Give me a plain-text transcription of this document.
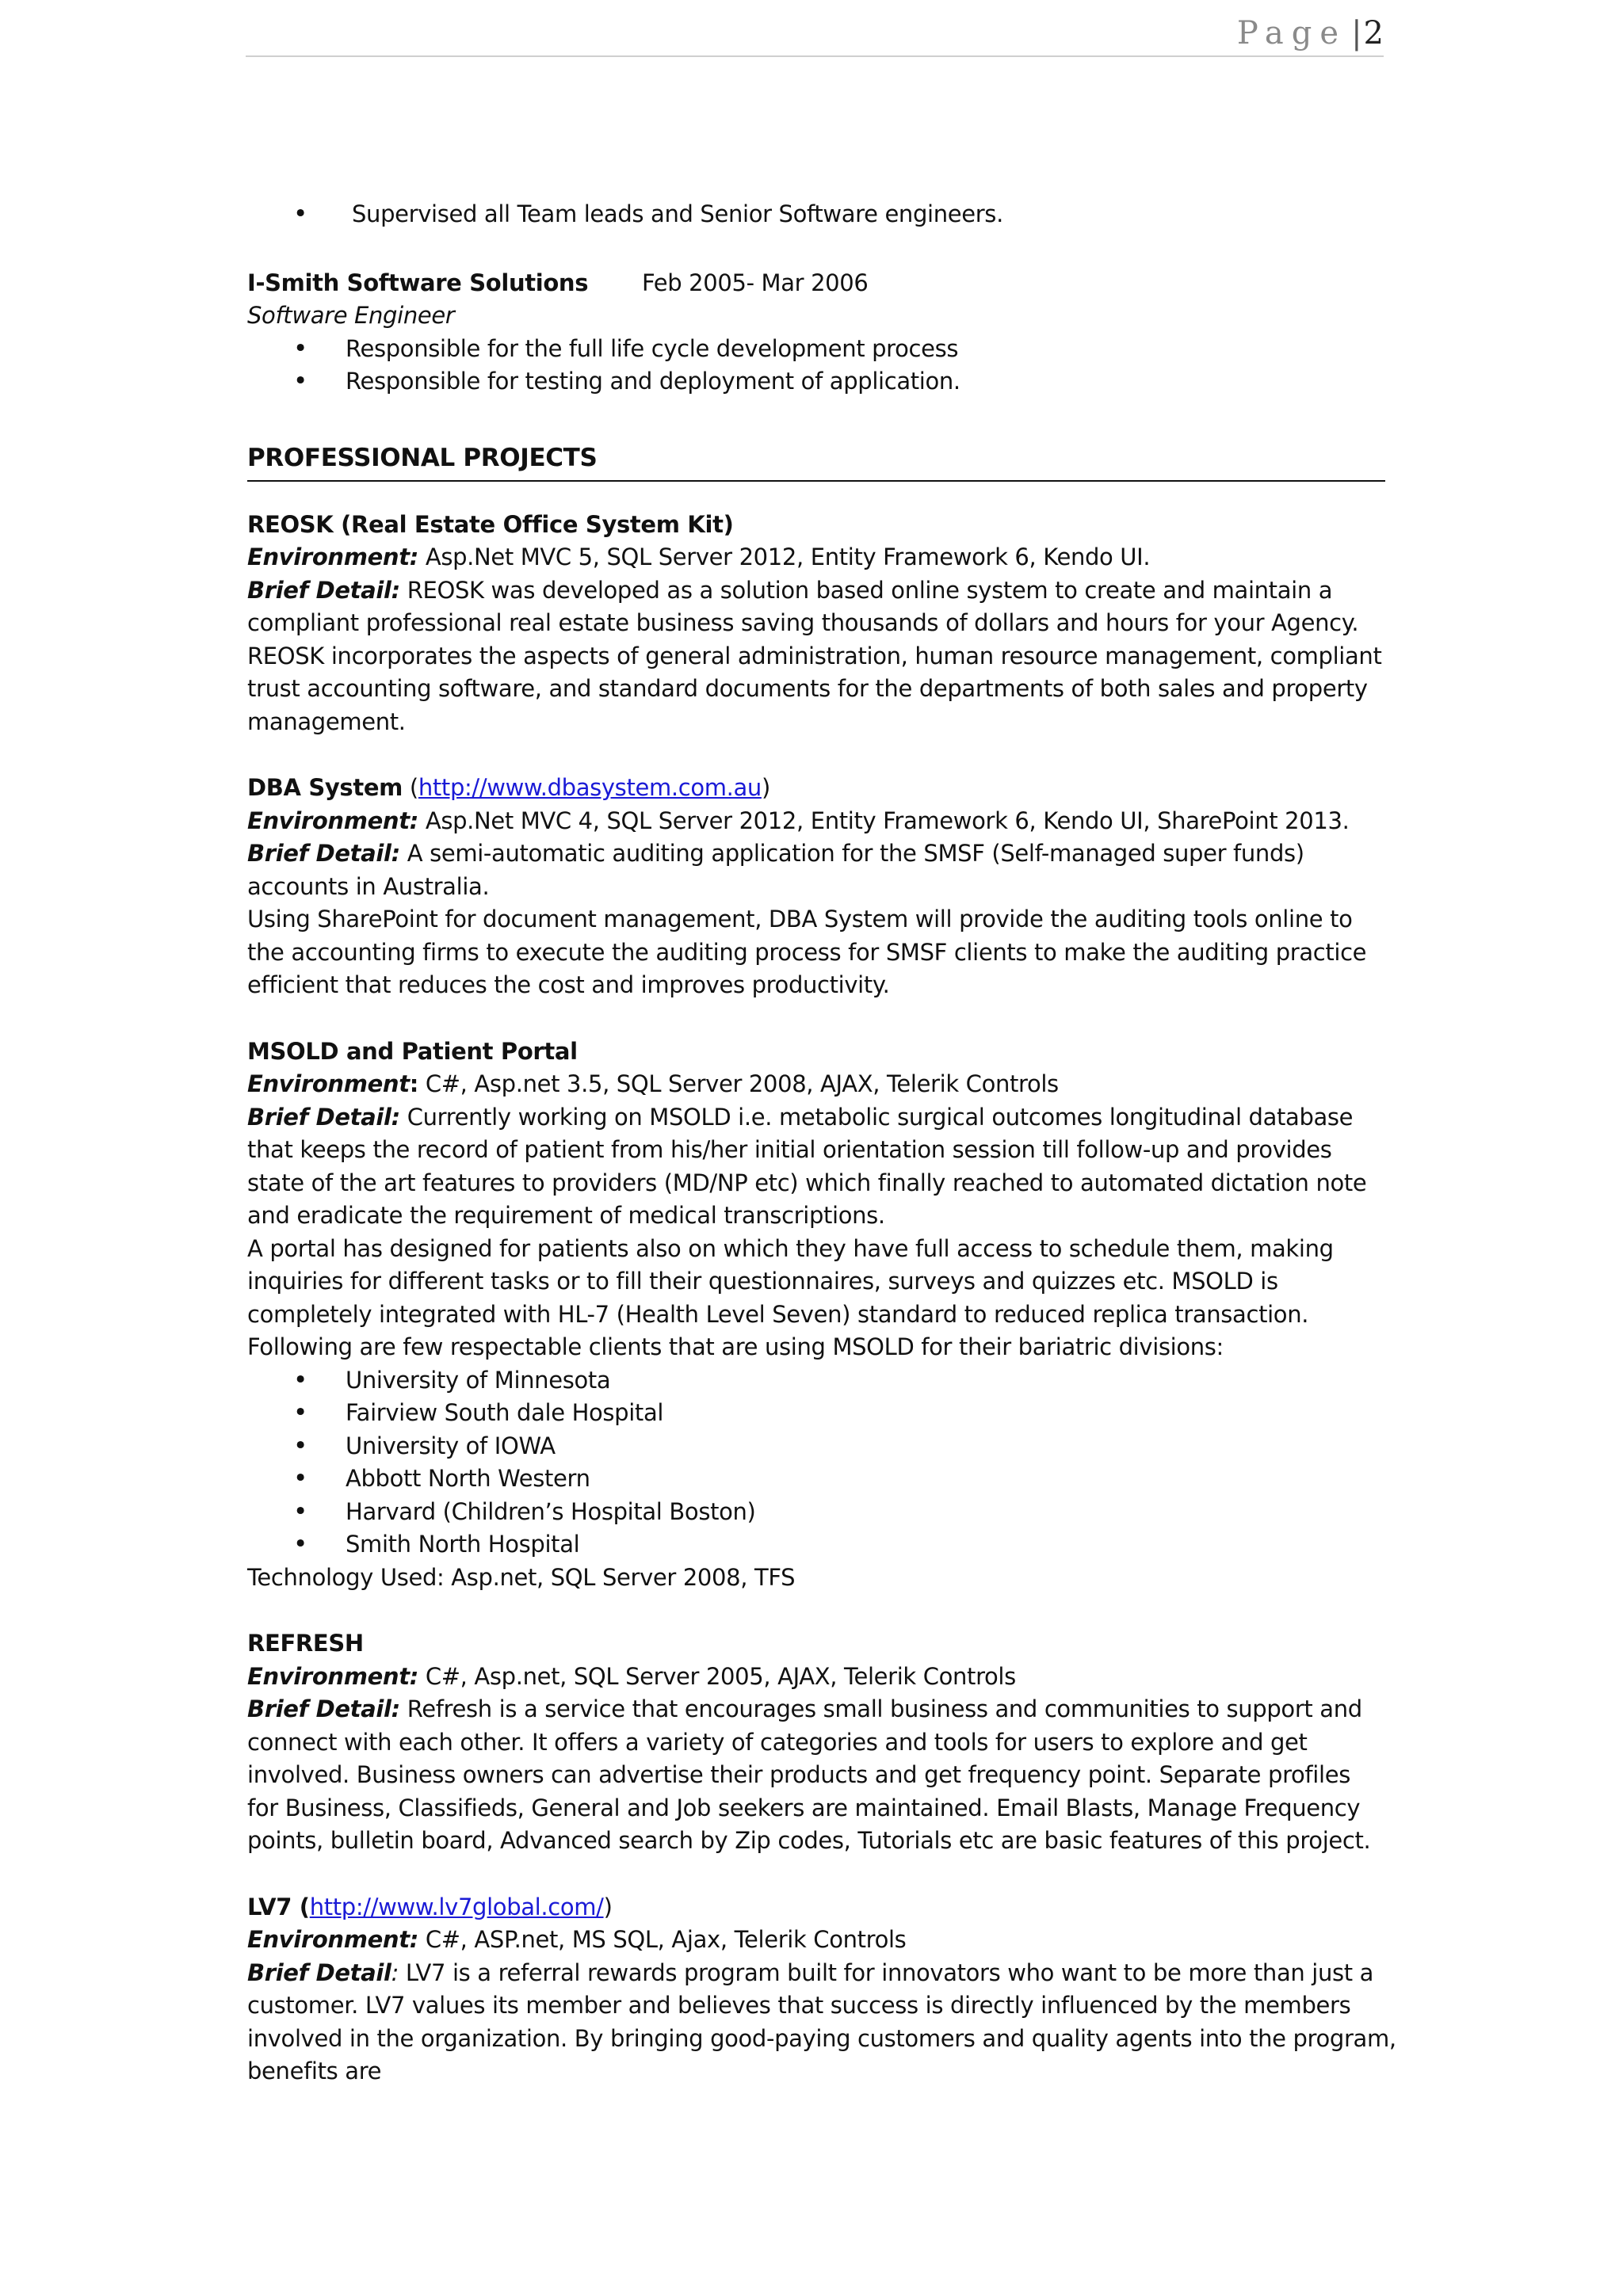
Page |2
• Supervised all Team leads and Senior Software engineers.
I-Smith Software Solutions	Feb 2005- Mar 2006

Software Engineer

• Responsible for the full life cycle development process
• Responsible for testing and deployment of application.
PROFESSIONAL PROJECTS

REOSK (Real Estate Office System Kit)

Environment: Asp.Net MVC 5, SQL Server 2012, Entity Framework 6, Kendo UI.

Brief Detail: REOSK was developed as a solution based online system to create and maintain a compliant professional real estate business saving thousands of dollars and hours for your Agency. REOSK incorporates the aspects of general administration, human resource management, compliant trust accounting software, and standard documents for the departments of both sales and property management.

DBA System (http://www.dbasystem.com.au)

Environment: Asp.Net MVC 4, SQL Server 2012, Entity Framework 6, Kendo UI, SharePoint 2013.

Brief Detail: A semi-automatic auditing application for the SMSF (Self-managed super funds) accounts in Australia.

Using SharePoint for document management, DBA System will provide the auditing tools online to the accounting firms to execute the auditing process for SMSF clients to make the auditing practice efficient that reduces the cost and improves productivity.

MSOLD and Patient Portal

Environment: C#, Asp.net 3.5, SQL Server 2008, AJAX, Telerik Controls

Brief Detail: Currently working on MSOLD i.e. metabolic surgical outcomes longitudinal database that keeps the record of patient from his/her initial orientation session till follow-up and provides state of the art features to providers (MD/NP etc) which finally reached to automated dictation note and eradicate the requirement of medical transcriptions.

A portal has designed for patients also on which they have full access to schedule them, making inquiries for different tasks or to fill their questionnaires, surveys and quizzes etc. MSOLD is completely integrated with HL-7 (Health Level Seven) standard to reduced replica transaction.

Following are few respectable clients that are using MSOLD for their bariatric divisions:

• University of Minnesota
• Fairview South dale Hospital
• University of IOWA
• Abbott North Western
• Harvard (Children’s Hospital Boston)
• Smith North Hospital

Technology Used: Asp.net, SQL Server 2008, TFS

REFRESH

Environment: C#, Asp.net, SQL Server 2005, AJAX, Telerik Controls

Brief Detail: Refresh is a service that encourages small business and communities to support and connect with each other. It offers a variety of categories and tools for users to explore and get involved. Business owners can advertise their products and get frequency point. Separate profiles for Business, Classifieds, General and Job seekers are maintained. Email Blasts, Manage Frequency points, bulletin board, Advanced search by Zip codes, Tutorials etc are basic features of this project.

LV7 (http://www.lv7global.com/)

Environment: C#, ASP.net, MS SQL, Ajax, Telerik Controls

Brief Detail: LV7 is a referral rewards program built for innovators who want to be more than just a customer. LV7 values its member and believes that success is directly influenced by the members involved in the organization. By bringing good-paying customers and quality agents into the program, benefits are
